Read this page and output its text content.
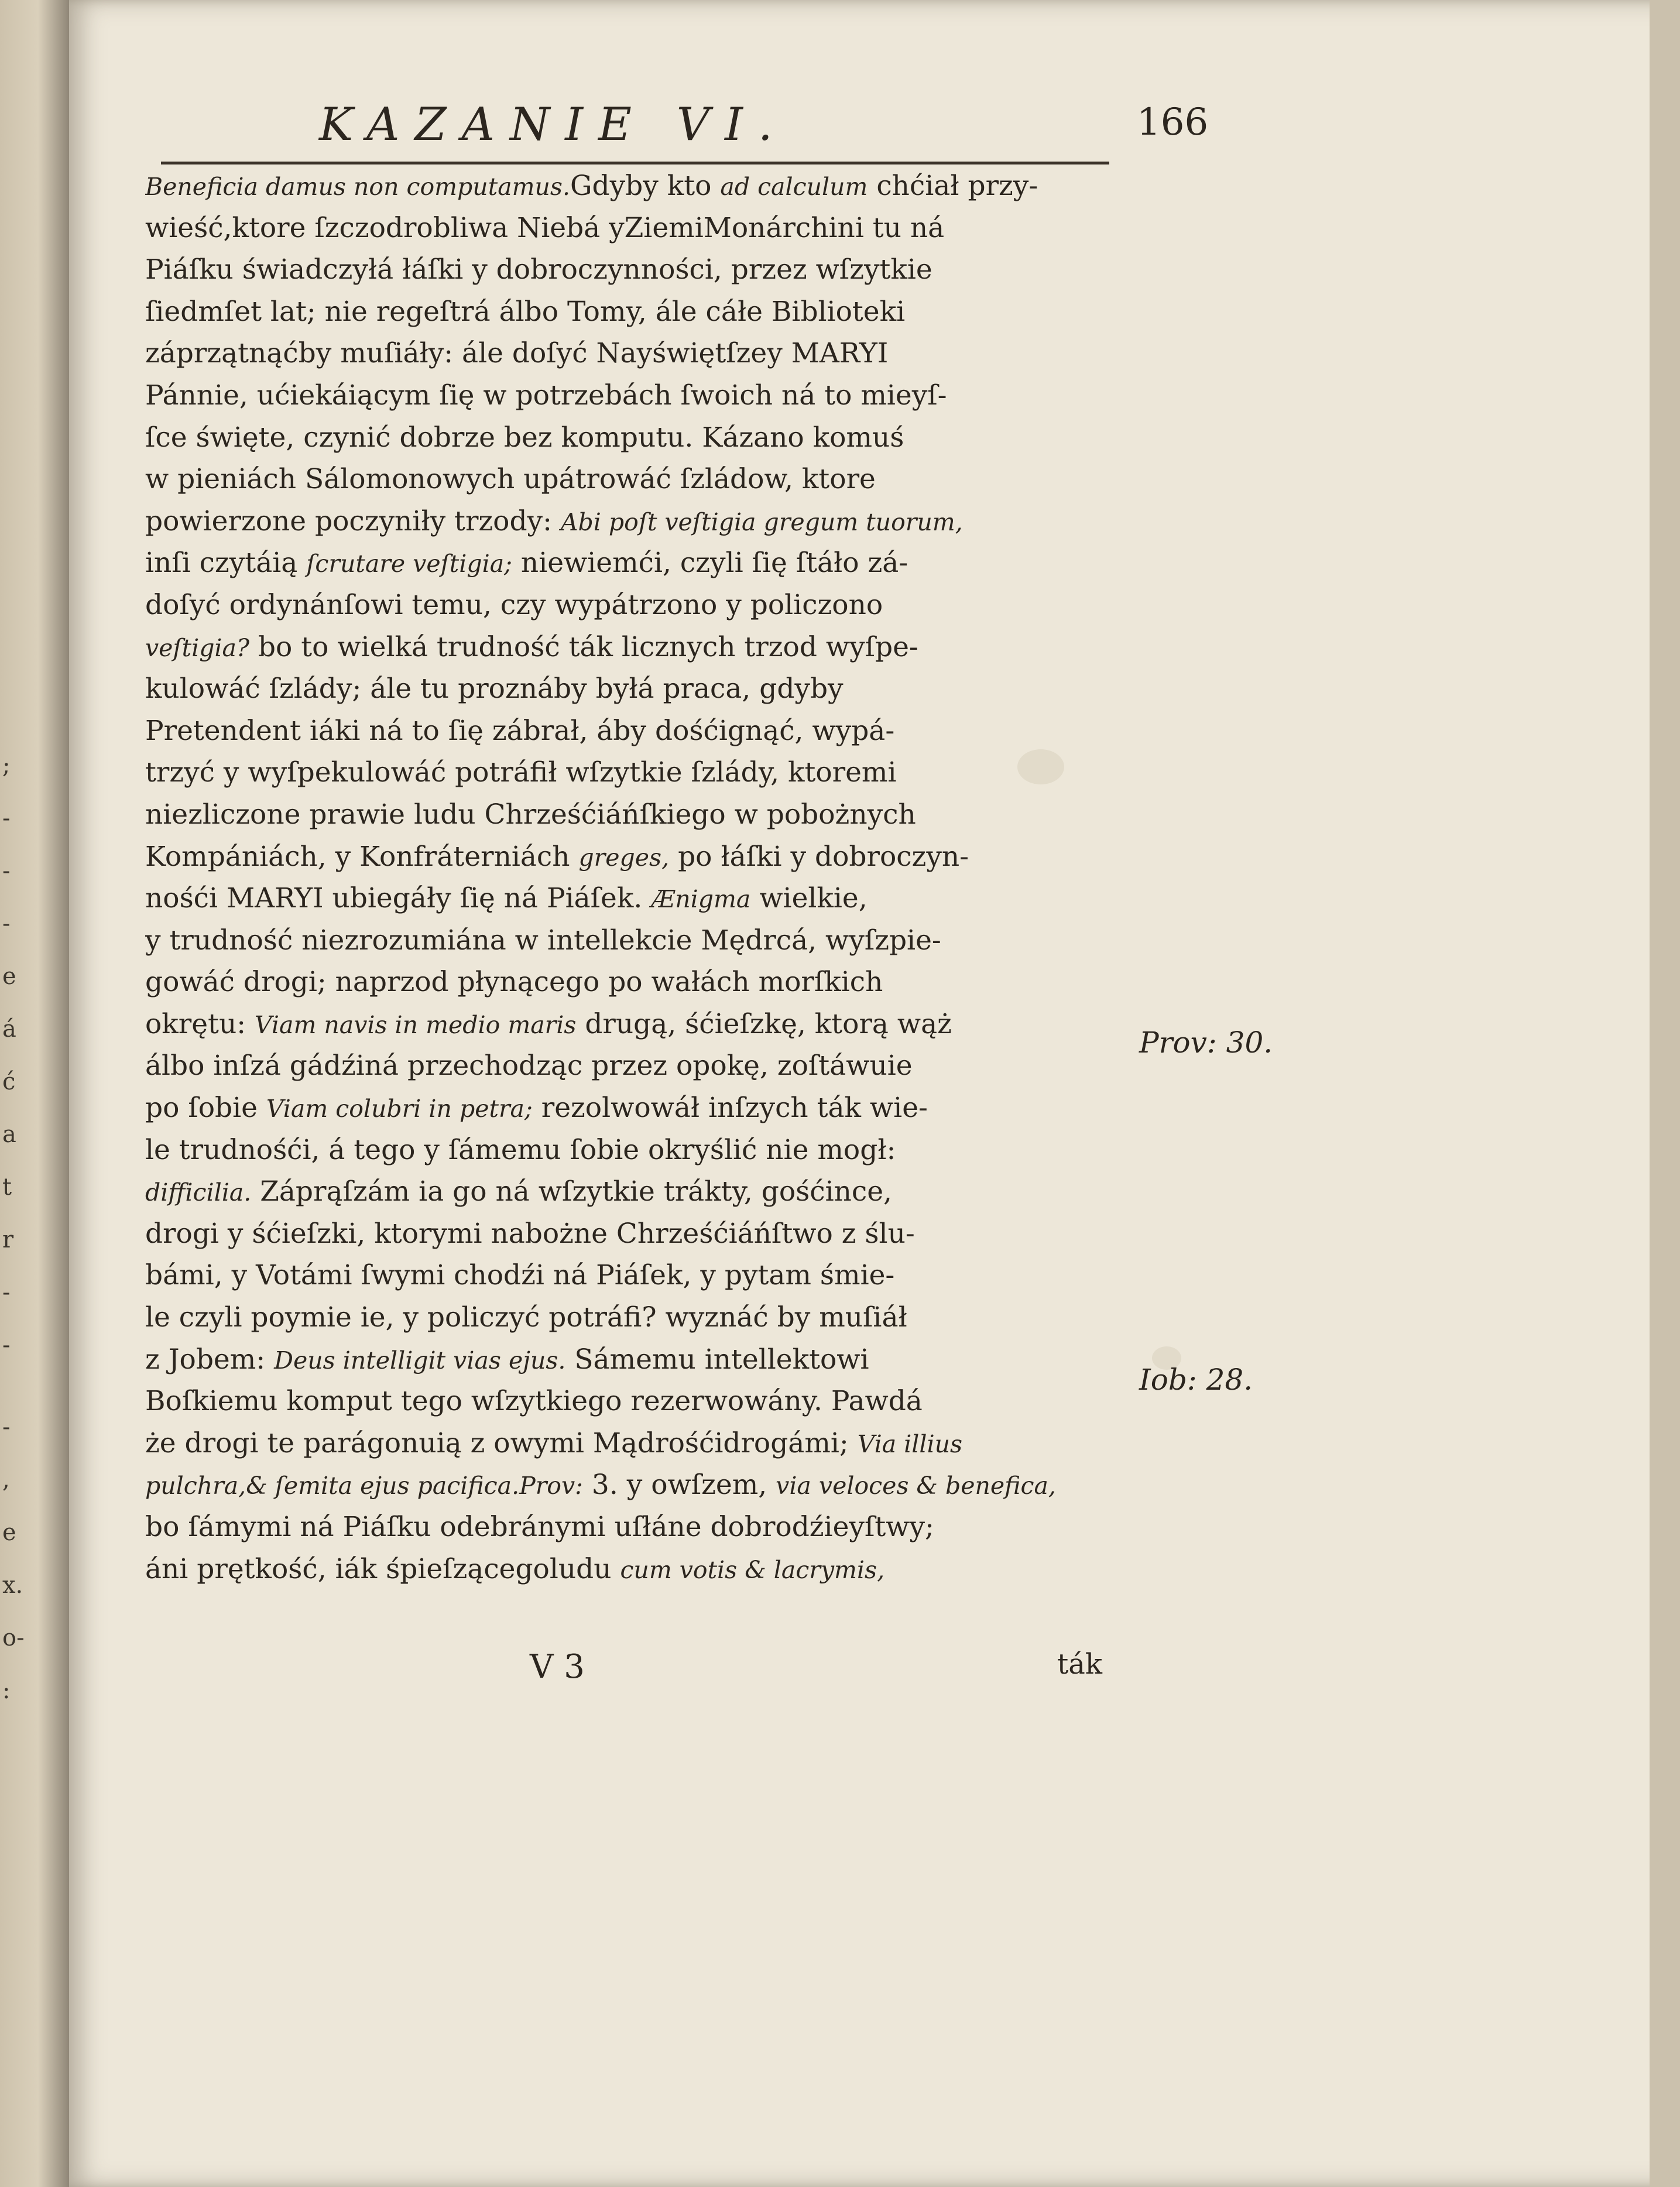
;
-
-
-
e
á
ć
a
t
r
-
-
-
,
e
x.
o-
:
KAZANIE VI.	166
Beneficia damus non computamus.Gdyby kto ad calculum chćiał przy-
wieść,ktore ſzczodrobliwa Niebá yZiemiMonárchini tu ná
Piáſku świadczyłá łáſki y dobroczynności, przez wſzytkie
ſiedmſet lat; nie regeſtrá álbo Tomy, ále cáłe Biblioteki
záprzątnąćby muſiáły: ále doſyć Nayświętſzey MARYI
Pánnie, ućiekáiącym ſię w potrzebách ſwoich ná to mieyſ-
ſce święte, czynić dobrze bez komputu. Kázano komuś
w pieniách Sálomonowych upátrowáć ſzládow, ktore
powierzone poczyniły trzody: Abi poſt veſtigia gregum tuorum,
inſi czytáią ſcrutare veſtigia; niewiemći, czyli ſię ſtáło zá-
doſyć ordynánſowi temu, czy wypátrzono y policzono
veſtigia? bo to wielká trudność ták licznych trzod wyſpe-
kulowáć ſzlády; ále tu proznáby byłá praca, gdyby
Pretendent iáki ná to ſię zábrał, áby dośćignąć, wypá-
trzyć y wyſpekulowáć potráfił wſzytkie ſzlády, ktoremi
niezliczone prawie ludu Chrześćiáńſkiego w pobożnych
Kompániách, y Konfráterniách greges, po łáſki y dobroczyn-
nośći MARYI ubiegáły ſię ná Piáſek. Ænigma wielkie,
y trudność niezrozumiána w intellekcie Mędrcá, wyſzpie-
gowáć drogi; naprzod płynącego po wałách morſkich
okrętu: Viam navis in medio maris drugą, śćieſzkę, ktorą wąż
álbo inſzá gádźiná przechodząc przez opokę, zoſtáwuie
po ſobie Viam colubri in petra; rezolwowáł inſzych ták wie-
le trudnośći, á tego y ſámemu ſobie okryślić nie mogł:
difficilia. Záprąſzám ia go ná wſzytkie trákty, gośćince,
drogi y śćieſzki, ktorymi nabożne Chrześćiáńſtwo z ślu-
bámi, y Votámi ſwymi chodźi ná Piáſek, y pytam śmie-
le czyli poymie ie, y policzyć potráfi? wyznáć by muſiáł
z Jobem: Deus intelligit vias ejus. Sámemu intellektowi
Boſkiemu komput tego wſzytkiego rezerwowány. Pawdá
że drogi te parágonuią z owymi Mądrośćidrogámi; Via illius
pulchra,& ſemita ejus pacifica.Prov: 3. y owſzem, via veloces & benefica,
bo ſámymi ná Piáſku odebránymi uſłáne dobrodźieyſtwy;
áni prętkość, iák śpieſzącegoludu cum votis & lacrymis,
Prov: 30.
Iob: 28.
V 3	ták
